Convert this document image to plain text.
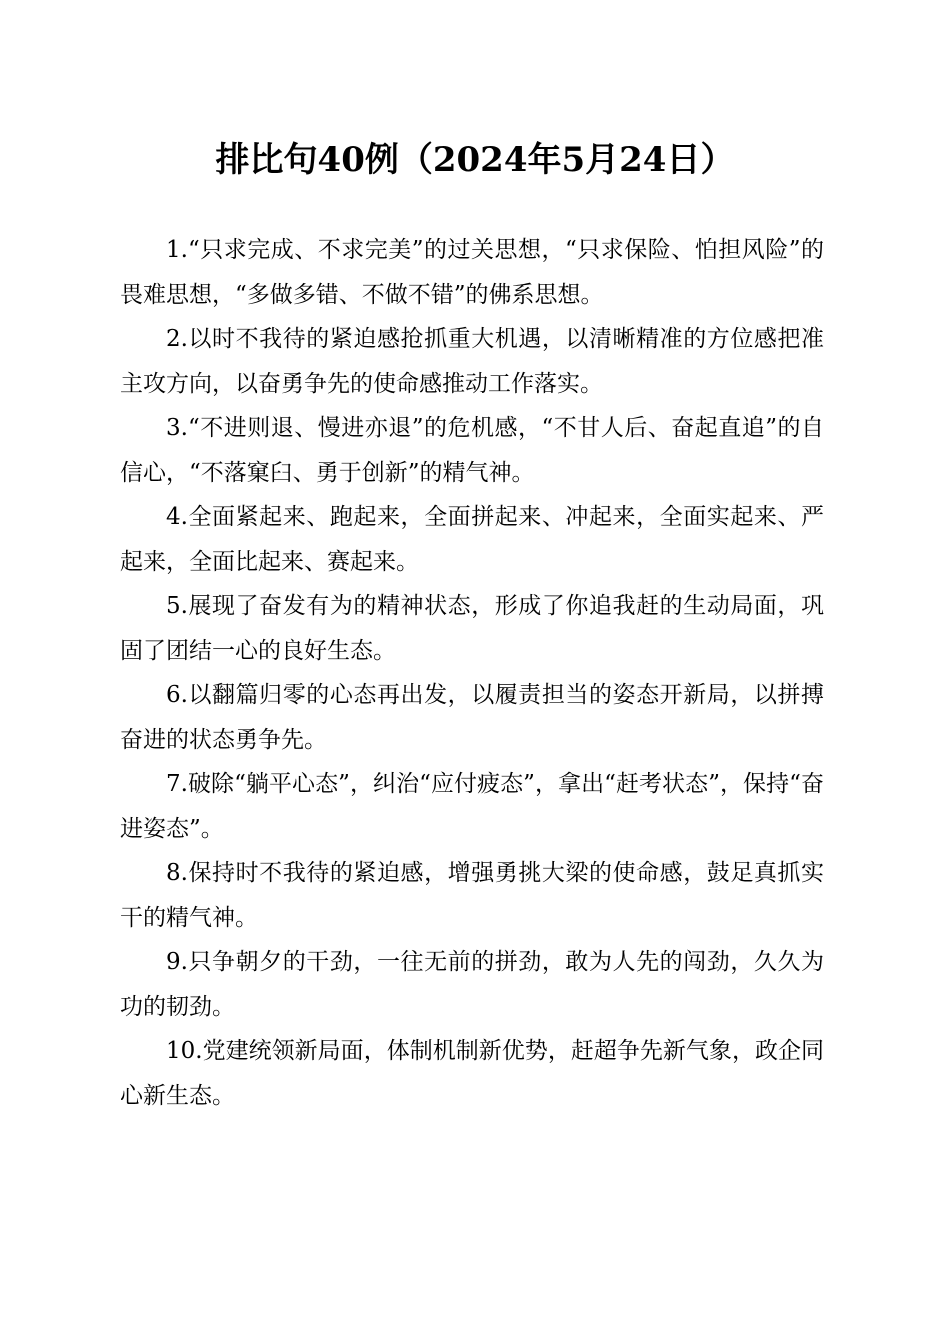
排比句40例（2024年5月24日）

1.“只求完成、不求完美”的过关思想，“只求保险、怕担风险”的畏难思想，“多做多错、不做不错”的佛系思想。

2.以时不我待的紧迫感抢抓重大机遇，以清晰精准的方位感把准主攻方向，以奋勇争先的使命感推动工作落实。

3.“不进则退、慢进亦退”的危机感，“不甘人后、奋起直追”的自信心，“不落窠臼、勇于创新”的精气神。

4.全面紧起来、跑起来，全面拼起来、冲起来，全面实起来、严起来，全面比起来、赛起来。

5.展现了奋发有为的精神状态，形成了你追我赶的生动局面，巩固了团结一心的良好生态。

6.以翻篇归零的心态再出发，以履责担当的姿态开新局，以拼搏奋进的状态勇争先。

7.破除“躺平心态”，纠治“应付疲态”，拿出“赶考状态”，保持“奋进姿态”。

8.保持时不我待的紧迫感，增强勇挑大梁的使命感，鼓足真抓实干的精气神。

9.只争朝夕的干劲，一往无前的拼劲，敢为人先的闯劲，久久为功的韧劲。

10.党建统领新局面，体制机制新优势，赶超争先新气象，政企同心新生态。
